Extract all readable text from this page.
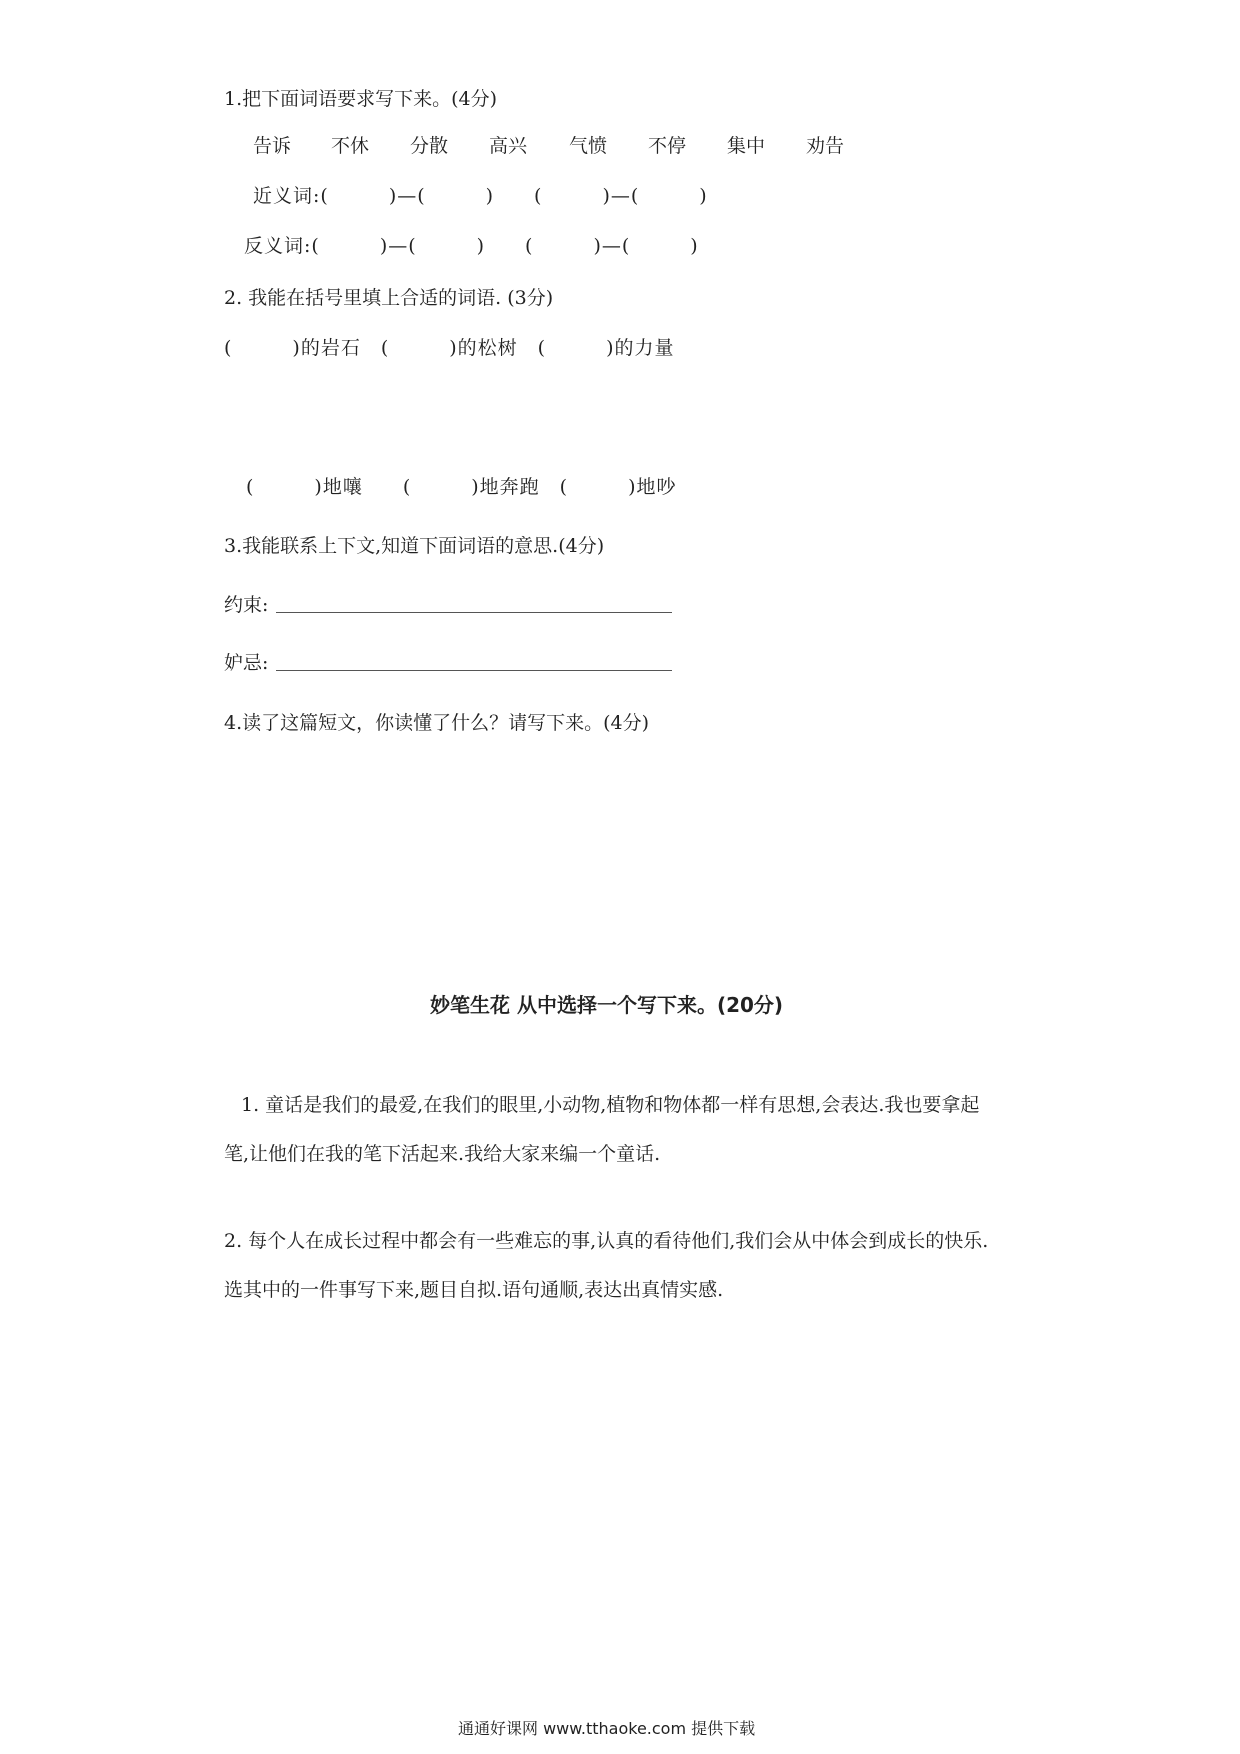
1.把下面词语要求写下来。(4分)
告诉 不休 分散 高兴 气愤 不停 集中 劝告
近义词:(　　　)—(　　　)　　(　　　)—(　　　)
反义词:(　　　)—(　　　)　　(　　　)—(　　　)
2. 我能在括号里填上合适的词语. (3分)
(　　　)的岩石　(　　　)的松树　(　　　)的力量
(　　　)地嚷　　(　　　)地奔跑　(　　　)地吵
3.我能联系上下文,知道下面词语的意思.(4分)
约束:
妒忌:
4.读了这篇短文，你读懂了什么？请写下来。(4分)
妙笔生花 从中选择一个写下来。(20分)
1. 童话是我们的最爱,在我们的眼里,小动物,植物和物体都一样有思想,会表达.我也要拿起
笔,让他们在我的笔下活起来.我给大家来编一个童话.
2. 每个人在成长过程中都会有一些难忘的事,认真的看待他们,我们会从中体会到成长的快乐.
选其中的一件事写下来,题目自拟.语句通顺,表达出真情实感.
通通好课网 www.tthaoke.com 提供下载
